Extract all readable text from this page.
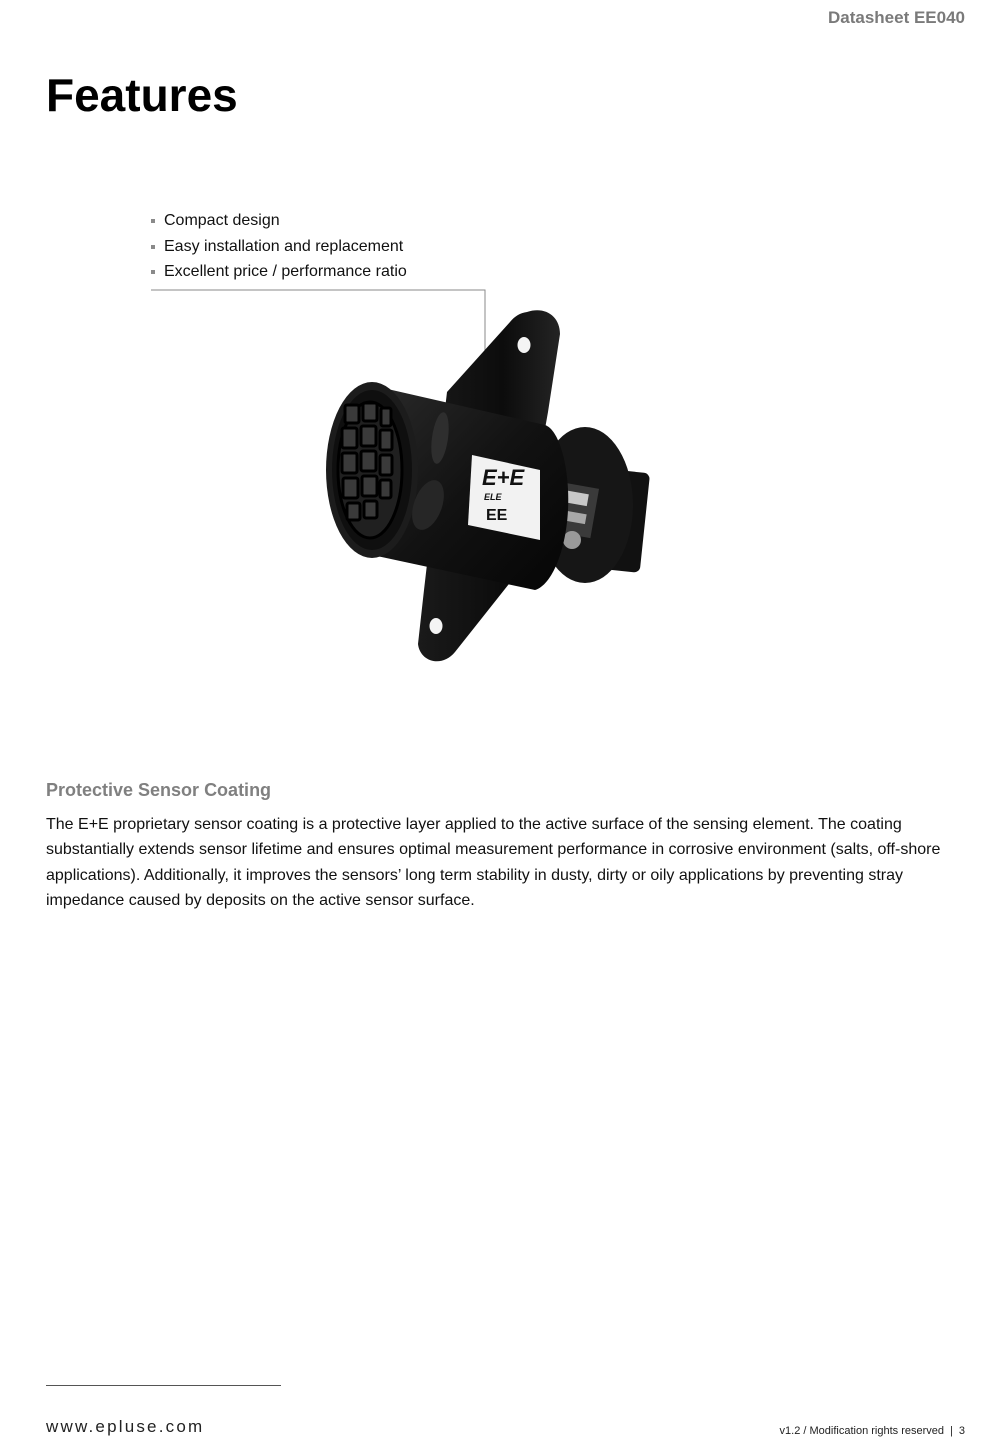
Datasheet EE040
Features
Compact design
Easy installation and replacement
Excellent price / performance ratio
E+E
ELE
EE
Protective Sensor Coating

The E+E proprietary sensor coating is a protective layer applied to the active surface of the sensing element. The coating substantially extends sensor lifetime and ensures optimal measurement performance in corrosive environment (salts, off-shore applications). Additionally, it improves the sensors’ long term stability in dusty, dirty or oily applications by preventing stray impedance caused by deposits on the active sensor surface.

www.epluse.com	v1.2 / Modification rights reserved | 3
